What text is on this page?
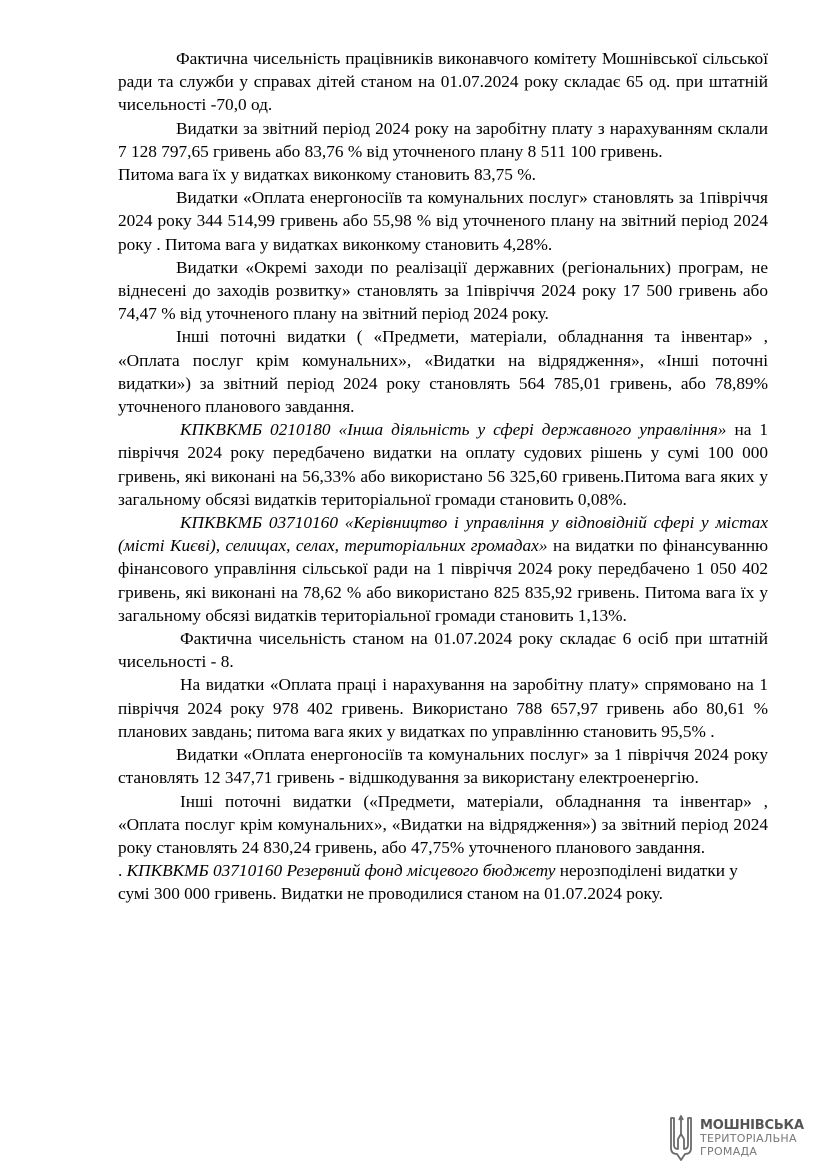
Фактична чисельність працівників виконавчого комітету Мошнівської сільської ради та служби у справах дітей станом на 01.07.2024 року складає 65 од. при штатній чисельності -70,0 од.

Видатки за звітний період 2024 року на заробітну плату з нарахуванням склали 7 128 797,65 гривень або 83,76 % від уточненого плану 8 511 100 гривень.

Питома вага їх у видатках виконкому становить 83,75 %.

Видатки «Оплата енергоносіїв та комунальних послуг» становлять за 1півріччя 2024 року 344 514,99 гривень або 55,98 % від уточненого плану на звітний період 2024 року . Питома вага у видатках виконкому становить 4,28%.

Видатки «Окремі заходи по реалізації державних (регіональних) програм, не віднесені до заходів розвитку» становлять за 1півріччя 2024 року 17 500 гривень або 74,47 % від уточненого плану на звітний період 2024 року.

Інші поточні видатки ( «Предмети, матеріали, обладнання та інвентар» , «Оплата послуг крім комунальних», «Видатки на відрядження», «Інші поточні видатки») за звітний період 2024 року становлять 564 785,01 гривень, або 78,89% уточненого планового завдання.

КПКВКМБ 0210180 «Інша діяльність у сфері державного управління» на 1 півріччя 2024 року передбачено видатки на оплату судових рішень у сумі 100 000 гривень, які виконані на 56,33% або використано 56 325,60 гривень.Питома вага яких у загальному обсязі видатків територіальної громади становить 0,08%.

КПКВКМБ 03710160 «Керівництво і управління у відповідній сфері у містах (місті Києві), селищах, селах, територіальних громадах» на видатки по фінансуванню фінансового управління сільської ради на 1 півріччя 2024 року передбачено 1 050 402 гривень, які виконані на 78,62 % або використано 825 835,92 гривень. Питома вага їх у загальному обсязі видатків територіальної громади становить 1,13%.

Фактична чисельність станом на 01.07.2024 року складає 6 осіб при штатній чисельності - 8.

На видатки «Оплата праці і нарахування на заробітну плату» спрямовано на 1 півріччя 2024 року 978 402 гривень. Використано 788 657,97 гривень або 80,61 % планових завдань; питома вага яких у видатках по управлінню становить 95,5% .

Видатки «Оплата енергоносіїв та комунальних послуг» за 1 півріччя 2024 року становлять 12 347,71 гривень - відшкодування за використану електроенергію.

Інші поточні видатки («Предмети, матеріали, обладнання та інвентар» , «Оплата послуг крім комунальних», «Видатки на відрядження») за звітний період 2024 року становлять 24 830,24 гривень, або 47,75% уточненого планового завдання.

. КПКВКМБ 03710160 Резервний фонд місцевого бюджету нерозподілені видатки у сумі 300 000 гривень. Видатки не проводилися станом на 01.07.2024 року.

МОШНІВСЬКА
ТЕРИТОРІАЛЬНА
ГРОМАДА
